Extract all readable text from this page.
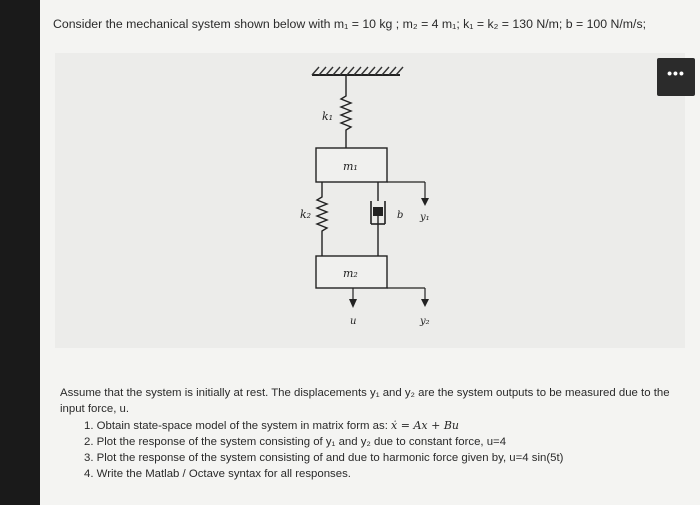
Consider the mechanical system shown below with m₁ = 10 kg ; m₂ = 4 m₁; k₁ = k₂ = 130 N/m; b = 100 N/m/s;
•••
k₁
m₁
y₁
k₂	b
m₂
y₂
u

Assume that the system is initially at rest. The displacements y₁ and y₂ are the system outputs to be measured due to the input force, u.

1. Obtain state-space model of the system in matrix form as: ẋ = Ax + Bu
2. Plot the response of the system consisting of y₁ and y₂ due to constant force, u=4
3. Plot the response of the system consisting of and due to harmonic force given by, u=4 sin(5t)
4. Write the Matlab / Octave syntax for all responses.
